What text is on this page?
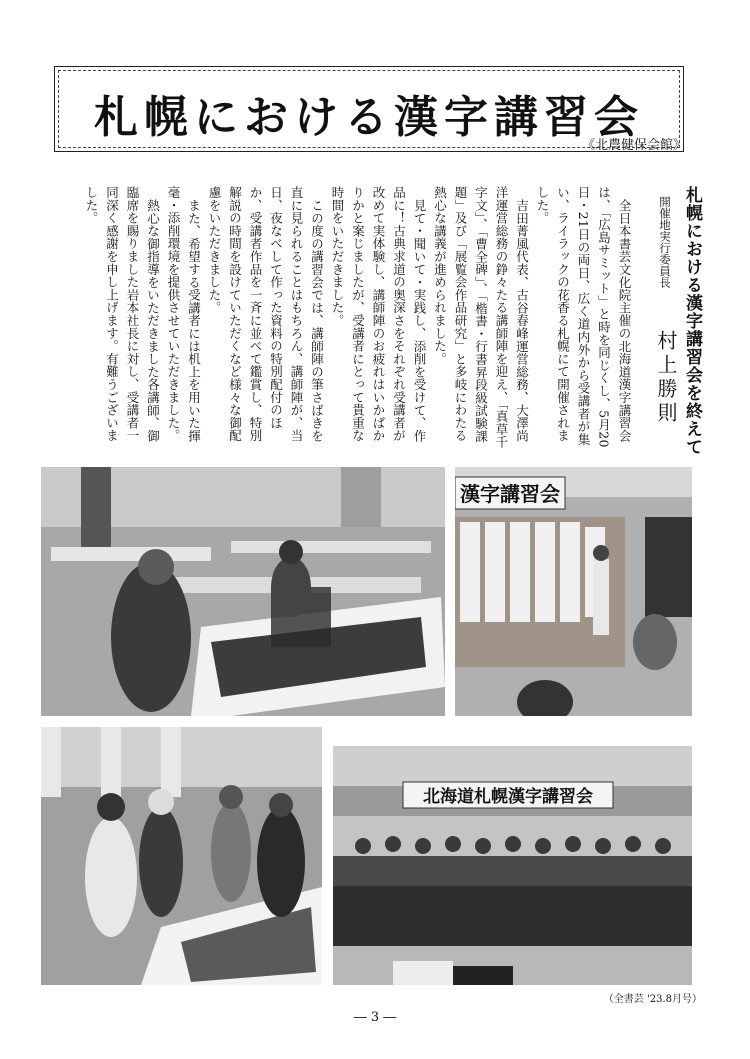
札幌における漢字講習会
《北農健保会館》
札幌における漢字講習会を終えて
開催地実行委員長
村上勝則

全日本書芸文化院主催の北海道漢字講習会は、「広島サミット」と時を同じくし、5月20日・21日の両日、広く道内外から受講者が集い、ライラックの花香る札幌にて開催されました。

吉田菁風代表、古谷春峰運営総務、大澤尚洋運営総務の錚々たる講師陣を迎え、「真草千字文」、「曹全碑」、「楷書・行書昇段級試験課題」及び「展覧会作品研究」と多岐にわたる熱心な講義が進められました。

見て・聞いて・実践し、添削を受けて、作品に！古典求道の奥深さをそれぞれ受講者が改めて実体験し、講師陣のお疲れはいかばかりかと案じましたが、受講者にとって貴重な時間をいただきました。

この度の講習会では、講師陣の筆さばきを直に見られることはもちろん、講師陣が、当日、夜なべして作った資料の特別配付のほか、受講者作品を一斉に並べて鑑賞し、特別解説の時間を設けていただくなど様々な御配慮をいただきました。

また、希望する受講者には机上を用いた揮毫・添削環境を提供させていただきました。

熱心な御指導をいただきました各講師、御臨席を賜りました岩本社長に対し、受講者一同深く感謝を申し上げます。有難うございました。

漢字講習会
北海道札幌漢字講習会
（全書芸 '23.8月号）
― 3 ―
